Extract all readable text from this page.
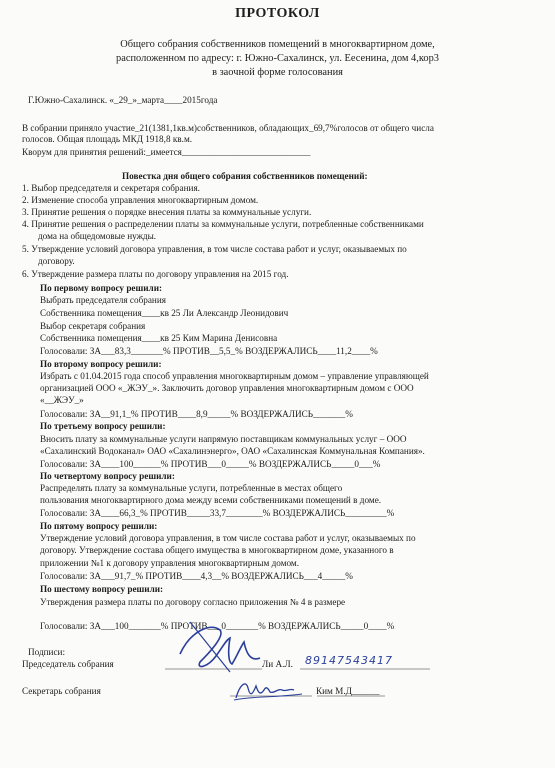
ПРОТОКОЛ
Общего собрания собственников помещений в многоквартирном доме,
расположенном по адресу: г. Южно-Сахалинск, ул. Еесенина, дом 4,кор3
в заочной форме голосования
Г.Южно-Сахалинск. «_29_»_марта____2015года
В собрании приняло участие_21(1381,1кв.м)собственников, обладающих_69,7%голосов от общего числа
голосов. Общая площадь МКД 1918,8 кв.м.
Кворум для принятия решений:_имеется____________________________
Повестка дня общего собрания собственников помещений:
1. Выбор председателя и секретаря собрания.
2. Изменение способа управления многоквартирным домом.
3. Принятие решения о порядке внесения платы за коммунальные услуги.
4. Принятие решения о распределении платы за коммунальные услуги, потребленные собственниками
дома на общедомовые нужды.
5. Утверждение условий договора управления, в том числе состава работ и услуг, оказываемых по
договору.
6. Утверждение размера платы по договору управления на 2015 год.
По первому вопросу решили:
Выбрать председателя собрания
Собственника помещения____кв 25 Ли Александр Леонидович
Выбор секретаря собрания
Собственника помещения____кв 25 Ким Марина Денисовна
Голосовали: ЗА___83,3_______% ПРОТИВ__5,5_% ВОЗДЕРЖАЛИСЬ____11,2____%
По второму вопросу решили:
Избрать с 01.04.2015 года способ управления многоквартирным домом – управление управляющей
организацией ООО «_ЖЭУ_». Заключить договор управления многоквартирным домом с ООО
«__ЖЭУ_»
Голосовали: ЗА__91,1_% ПРОТИВ____8,9_____% ВОЗДЕРЖАЛИСЬ_______%
По третьему вопросу решили:
Вносить плату за коммунальные услуги напрямую поставщикам коммунальных услуг – ООО
«Сахалинский Водоканал» ОАО «Сахалинэнерго», ОАО «Сахалинская Коммунальная Компания».
Голосовали: ЗА____100______% ПРОТИВ___0_____% ВОЗДЕРЖАЛИСЬ_____0___%
По четвертому вопросу решили:
Распределять плату за коммунальные услуги, потребленные в местах общего
пользования многоквартирного дома между всеми собственниками помещений в доме.
Голосовали: ЗА____66,3_% ПРОТИВ_____33,7________% ВОЗДЕРЖАЛИСЬ_________%
По пятому вопросу решили:
Утверждение условий договора управления, в том числе состава работ и услуг, оказываемых по
договору. Утверждение состава общего имущества в многоквартирном доме, указанного в
приложении №1 к договору управления многоквартирным домом.
Голосовали: ЗА___91,7_% ПРОТИВ____4,3__% ВОЗДЕРЖАЛИСЬ___4_____%
По шестому вопросу решили:
Утверждения размера платы по договору согласно приложения № 4 в размере
Голосовали: ЗА___100_______% ПРОТИВ___0_______% ВОЗДЕРЖАЛИСЬ_____0____%
Подписи:
Председатель собрания	Ли А.Л. 89147543417
Секретарь собрания	Ким М.Д______
